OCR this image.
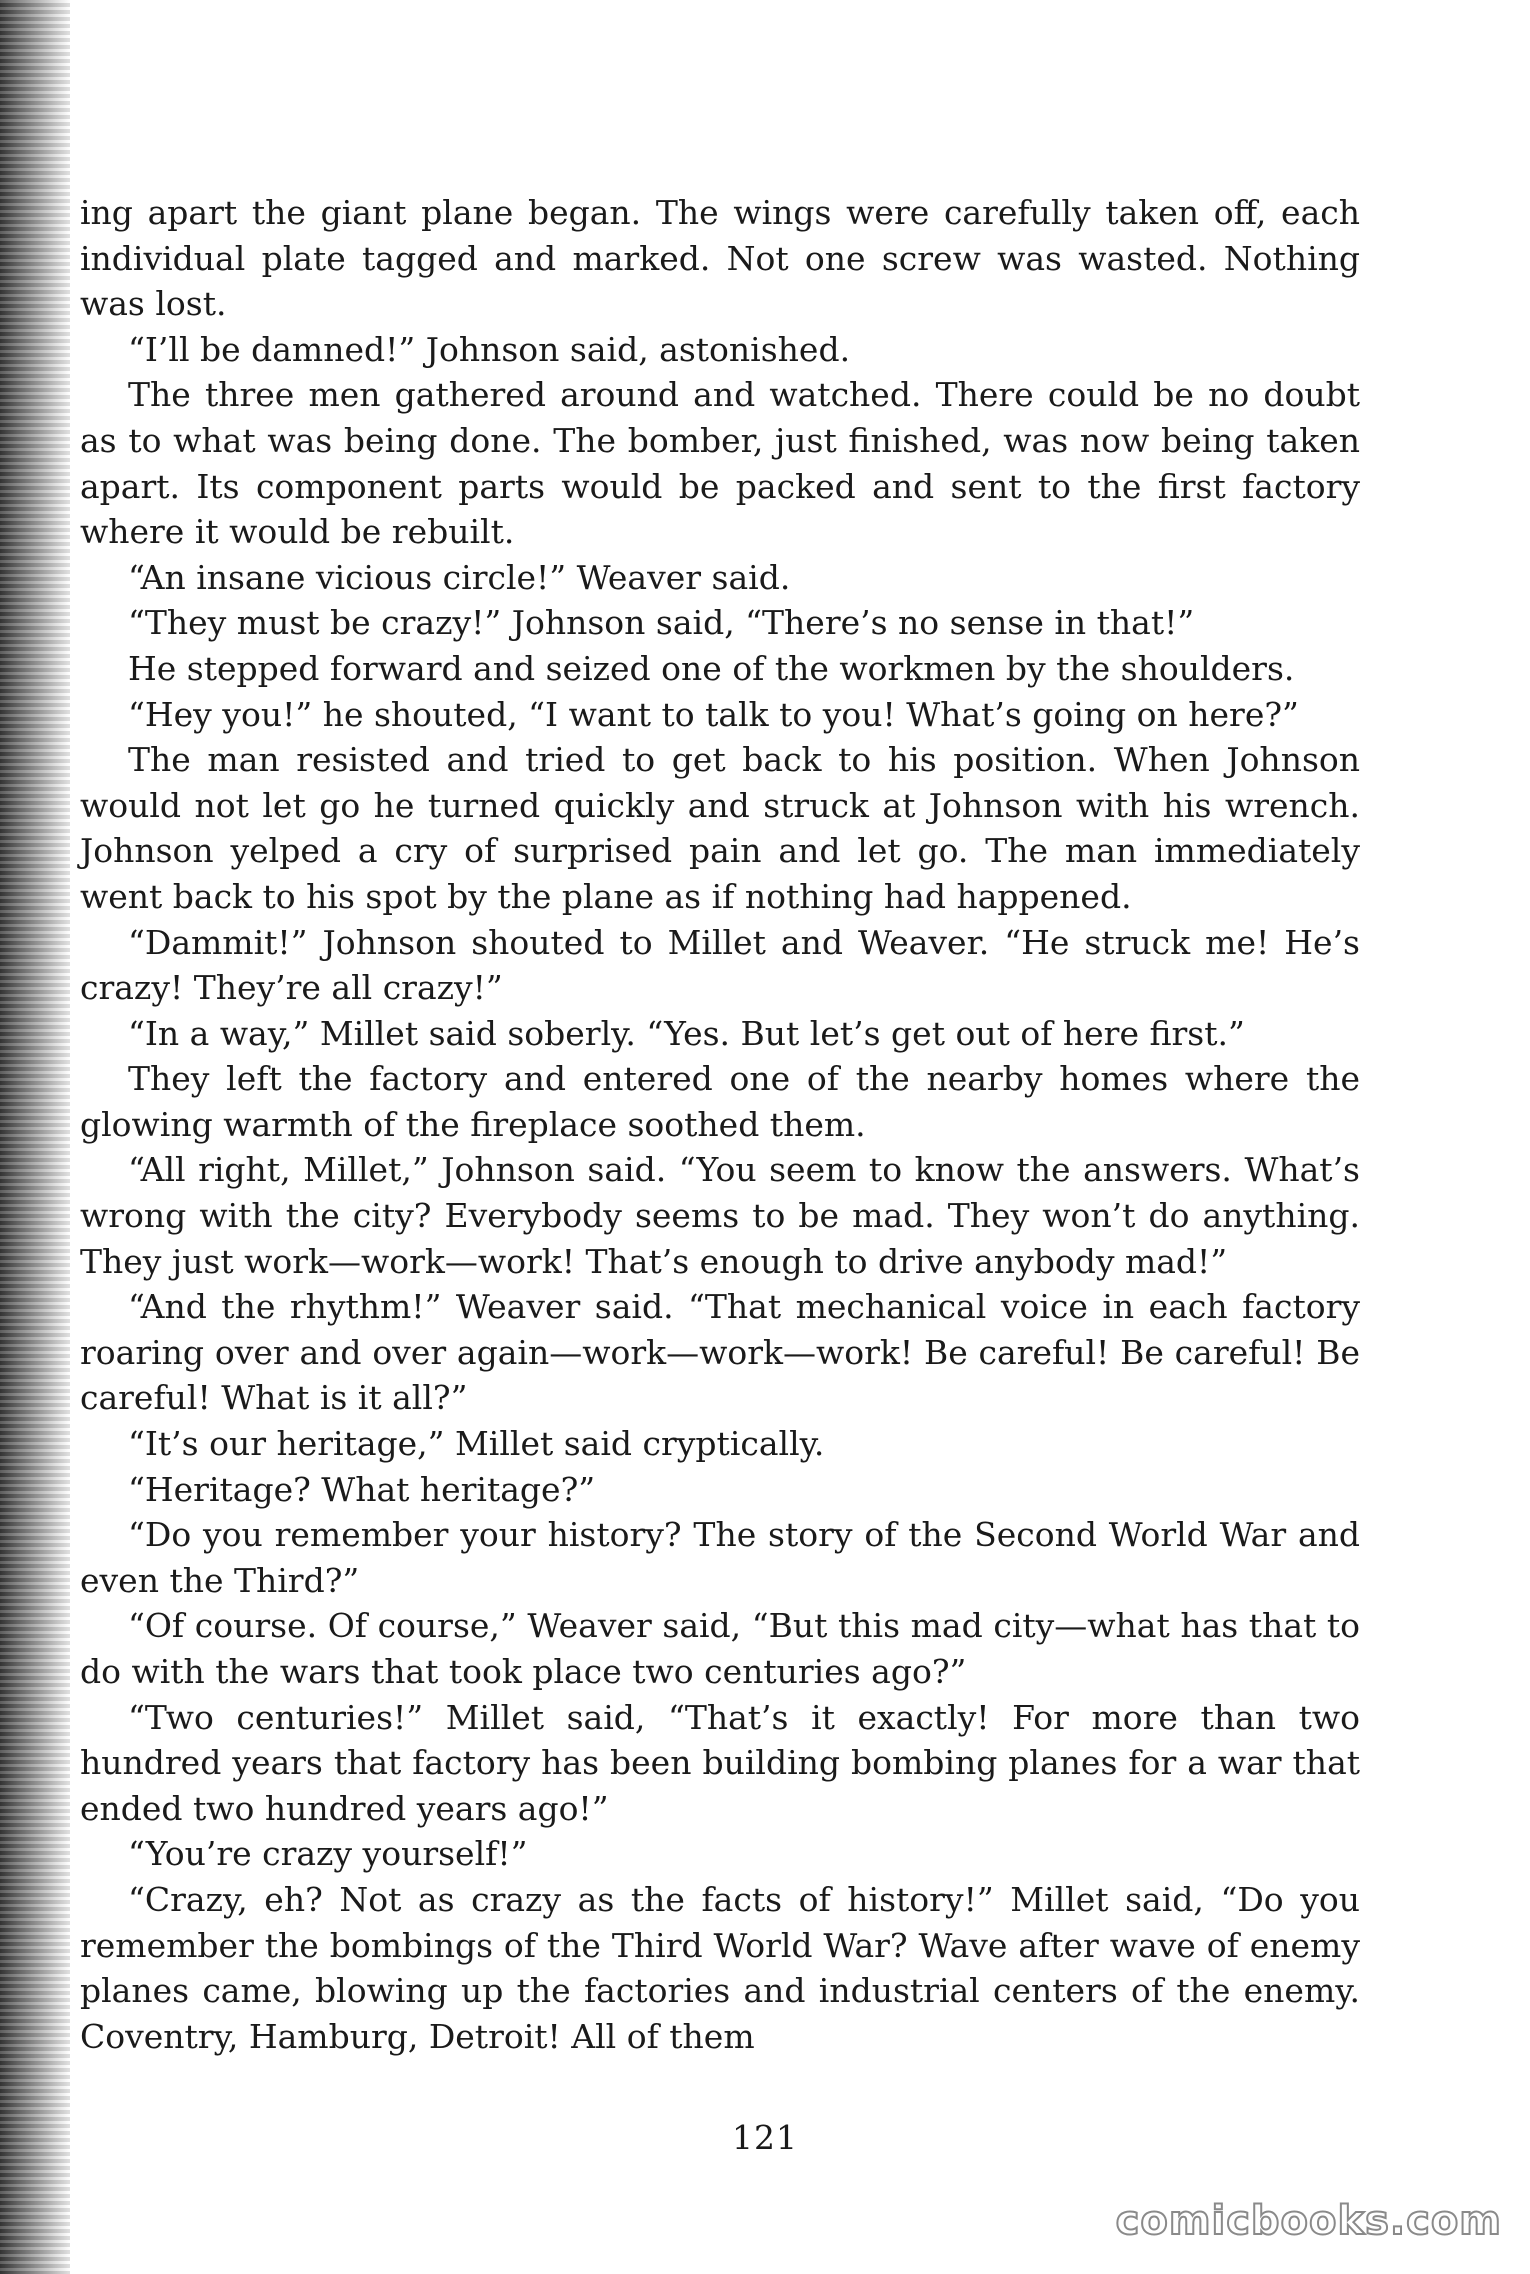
ing apart the giant plane began. The wings were carefully taken off, each individual plate tagged and marked. Not one screw was wasted. Nothing was lost.

“I’ll be damned!” Johnson said, astonished.

The three men gathered around and watched. There could be no doubt as to what was being done. The bomber, just finished, was now being taken apart. Its component parts would be packed and sent to the first factory where it would be rebuilt.

“An insane vicious circle!” Weaver said.

“They must be crazy!” Johnson said, “There’s no sense in that!”

He stepped forward and seized one of the workmen by the shoulders.

“Hey you!” he shouted, “I want to talk to you! What’s going on here?”

The man resisted and tried to get back to his position. When Johnson would not let go he turned quickly and struck at Johnson with his wrench. Johnson yelped a cry of surprised pain and let go. The man immediately went back to his spot by the plane as if nothing had happened.

“Dammit!” Johnson shouted to Millet and Weaver. “He struck me! He’s crazy! They’re all crazy!”

“In a way,” Millet said soberly. “Yes. But let’s get out of here first.”

They left the factory and entered one of the nearby homes where the glowing warmth of the fireplace soothed them.

“All right, Millet,” Johnson said. “You seem to know the answers. What’s wrong with the city? Everybody seems to be mad. They won’t do anything. They just work—work—work! That’s enough to drive anybody mad!”

“And the rhythm!” Weaver said. “That mechanical voice in each factory roaring over and over again—work—work—work! Be careful! Be careful! Be careful! What is it all?”

“It’s our heritage,” Millet said cryptically.

“Heritage? What heritage?”

“Do you remember your history? The story of the Second World War and even the Third?”

“Of course. Of course,” Weaver said, “But this mad city—what has that to do with the wars that took place two centuries ago?”

“Two centuries!” Millet said, “That’s it exactly! For more than two hundred years that factory has been building bombing planes for a war that ended two hundred years ago!”

“You’re crazy yourself!”

“Crazy, eh? Not as crazy as the facts of history!” Millet said, “Do you remember the bombings of the Third World War? Wave after wave of enemy planes came, blowing up the factories and industrial centers of the enemy. Coventry, Hamburg, Detroit! All of them

121
comicbooks.com
